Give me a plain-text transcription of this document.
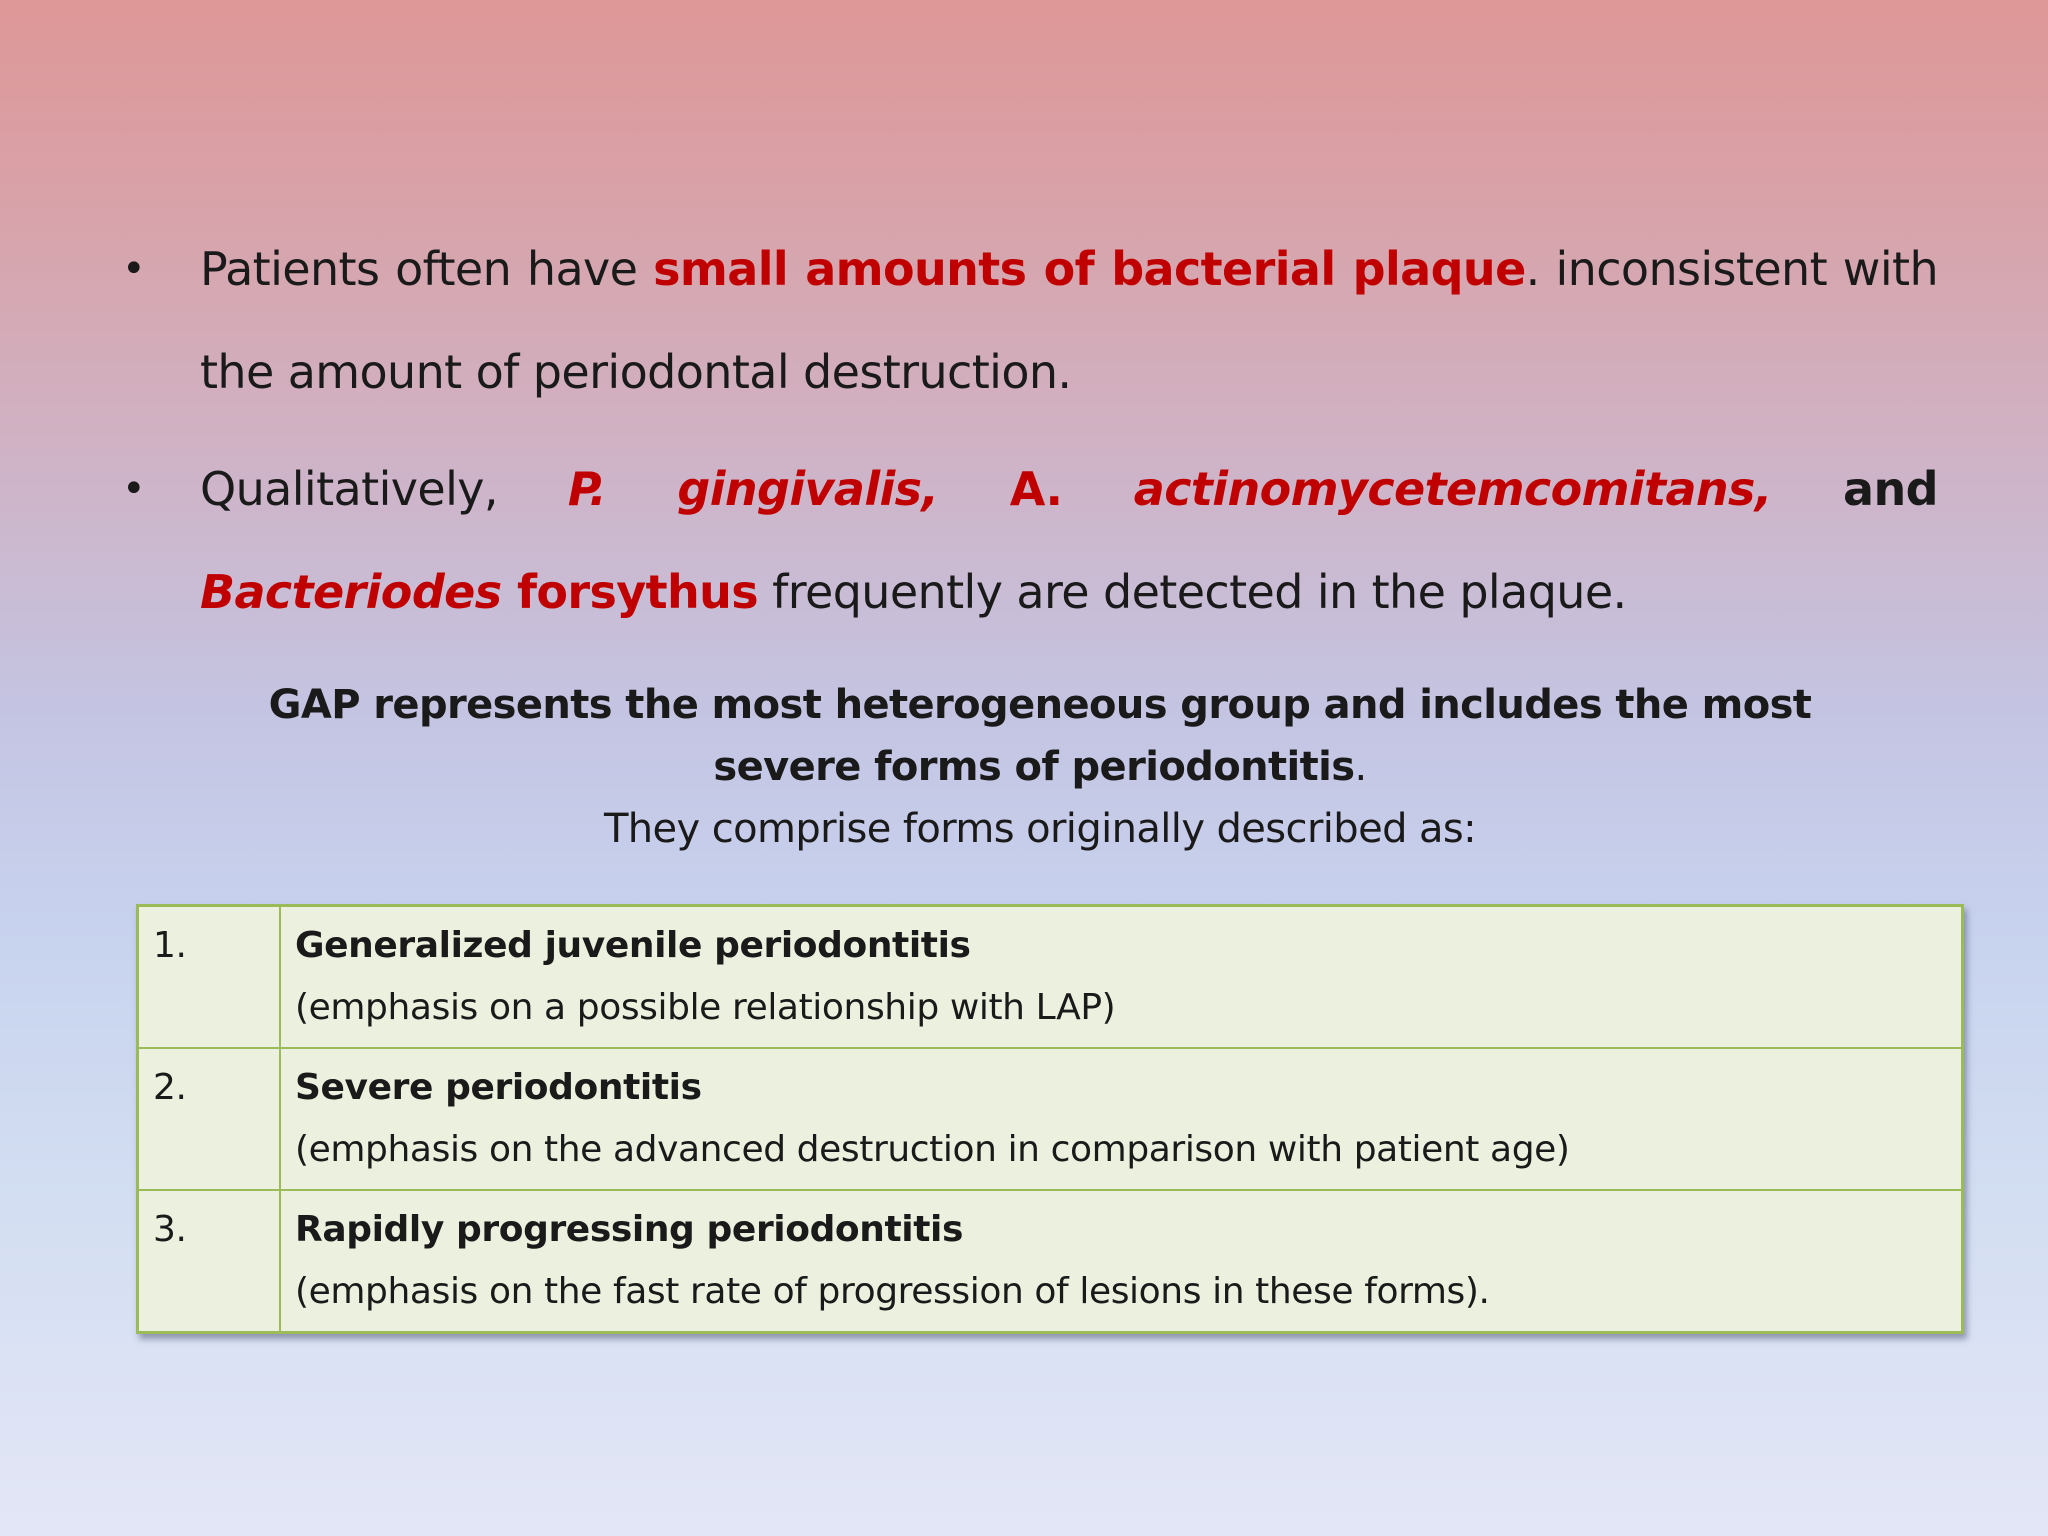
• Patients often have small amounts of bacterial plaque. inconsistent with the amount of periodontal destruction.
• Qualitatively, P. gingivalis, A. actinomycetemcomitans, and Bacteriodes forsythus frequently are detected in the plaque.
GAP represents the most heterogeneous group and includes the most severe forms of periodontitis.
They comprise forms originally described as:
1.	Generalized juvenile periodontitis
(emphasis on a possible relationship with LAP)

2.	Severe periodontitis
(emphasis on the advanced destruction in comparison with patient age)

3.	Rapidly progressing periodontitis
(emphasis on the fast rate of progression of lesions in these forms).
